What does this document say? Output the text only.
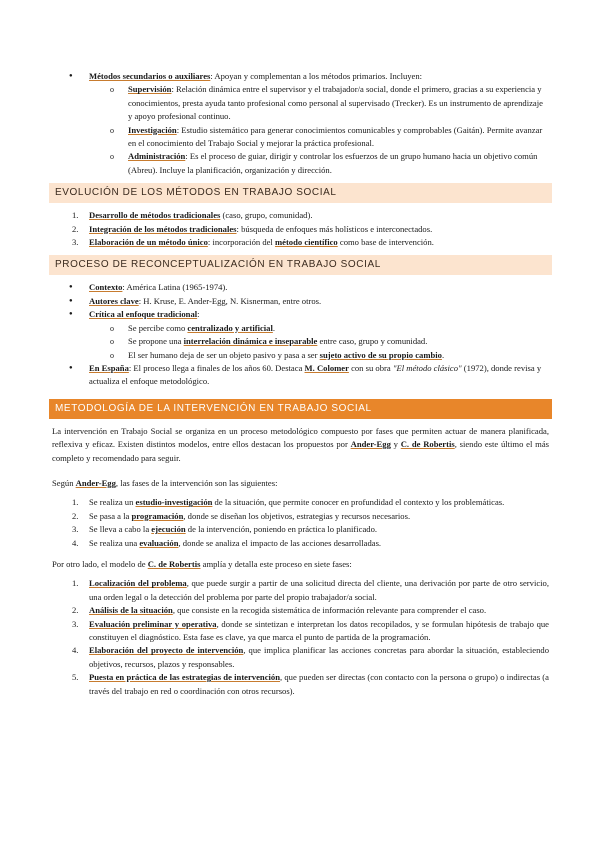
● Métodos secundarios o auxiliares: Apoyan y complementan a los métodos primarios. Incluyen:
o Supervisión: Relación dinámica entre el supervisor y el trabajador/a social, donde el primero, gracias a su experiencia y conocimientos, presta ayuda tanto profesional como personal al supervisado (Trecker). Es un instrumento de aprendizaje y apoyo profesional continuo.
o Investigación: Estudio sistemático para generar conocimientos comunicables y comprobables (Gaitán). Permite avanzar en el conocimiento del Trabajo Social y mejorar la práctica profesional.
o Administración: Es el proceso de guiar, dirigir y controlar los esfuerzos de un grupo humano hacia un objetivo común (Abreu). Incluye la planificación, organización y dirección.
EVOLUCIÓN DE LOS MÉTODOS EN TRABAJO SOCIAL
1. Desarrollo de métodos tradicionales (caso, grupo, comunidad).
2. Integración de los métodos tradicionales: búsqueda de enfoques más holísticos e interconectados.
3. Elaboración de un método único: incorporación del método científico como base de intervención.
PROCESO DE RECONCEPTUALIZACIÓN EN TRABAJO SOCIAL
● Contexto: América Latina (1965-1974).
● Autores clave: H. Kruse, E. Ander-Egg, N. Kisnerman, entre otros.
● Crítica al enfoque tradicional:
o Se percibe como centralizado y artificial.
o Se propone una interrelación dinámica e inseparable entre caso, grupo y comunidad.
o El ser humano deja de ser un objeto pasivo y pasa a ser sujeto activo de su propio cambio.
● En España: El proceso llega a finales de los años 60. Destaca M. Colomer con su obra "El método clásico" (1972), donde revisa y actualiza el enfoque metodológico.
METODOLOGÍA DE LA INTERVENCIÓN EN TRABAJO SOCIAL

La intervención en Trabajo Social se organiza en un proceso metodológico compuesto por fases que permiten actuar de manera planificada, reflexiva y eficaz. Existen distintos modelos, entre ellos destacan los propuestos por Ander-Egg y C. de Robertis, siendo este último el más completo y recomendado para seguir.

Según Ander-Egg, las fases de la intervención son las siguientes:

1. Se realiza un estudio-investigación de la situación, que permite conocer en profundidad el contexto y los problemáticas.
2. Se pasa a la programación, donde se diseñan los objetivos, estrategias y recursos necesarios.
3. Se lleva a cabo la ejecución de la intervención, poniendo en práctica lo planificado.
4. Se realiza una evaluación, donde se analiza el impacto de las acciones desarrolladas.

Por otro lado, el modelo de C. de Robertis amplía y detalla este proceso en siete fases:

1. Localización del problema, que puede surgir a partir de una solicitud directa del cliente, una derivación por parte de otro servicio, una orden legal o la detección del problema por parte del propio trabajador/a social.
2. Análisis de la situación, que consiste en la recogida sistemática de información relevante para comprender el caso.
3. Evaluación preliminar y operativa, donde se sintetizan e interpretan los datos recopilados, y se formulan hipótesis de trabajo que constituyen el diagnóstico. Esta fase es clave, ya que marca el punto de partida de la programación.
4. Elaboración del proyecto de intervención, que implica planificar las acciones concretas para abordar la situación, estableciendo objetivos, recursos, plazos y responsables.
5. Puesta en práctica de las estrategias de intervención, que pueden ser directas (con contacto con la persona o grupo) o indirectas (a través del trabajo en red o coordinación con otros recursos).
